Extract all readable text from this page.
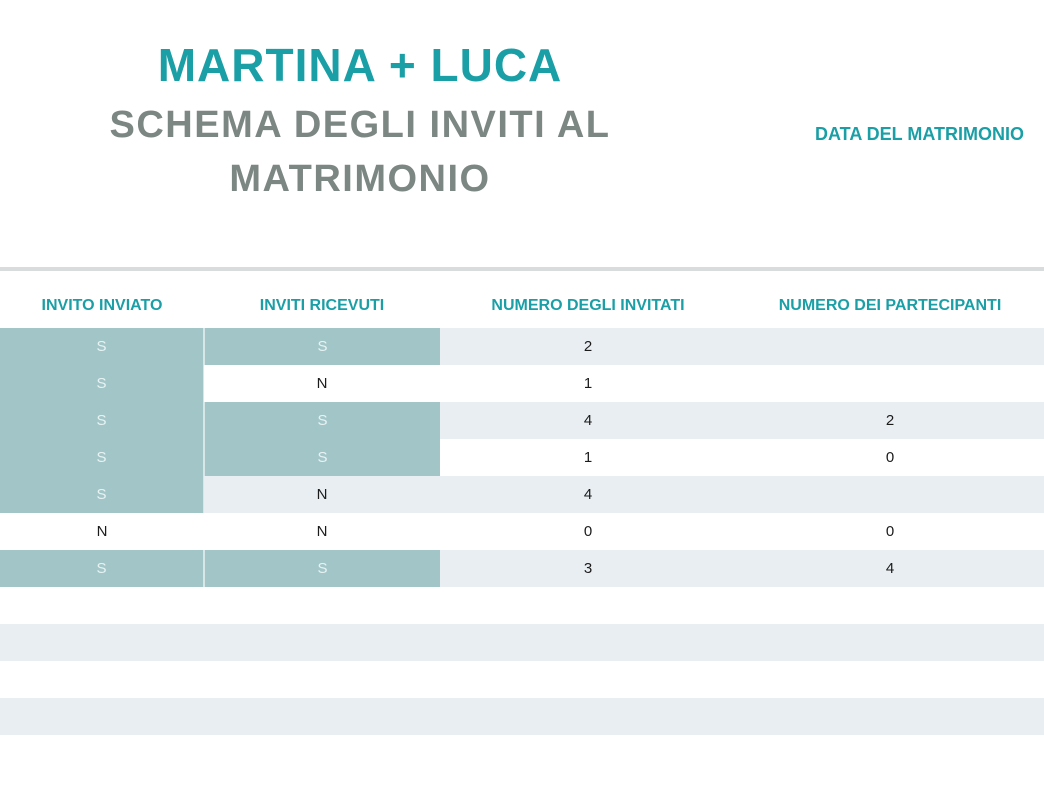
MARTINA + LUCA
SCHEMA DEGLI INVITI AL
MATRIMONIO
DATA DEL MATRIMONIO
INVITO INVIATO	INVITI RICEVUTI	NUMERO DEGLI INVITATI	NUMERO DEI PARTECIPANTI
S	S	2
S	N	1
S	S	4	2
S	S	1	0
S	N	4
N	N	0	0
S	S	3	4
